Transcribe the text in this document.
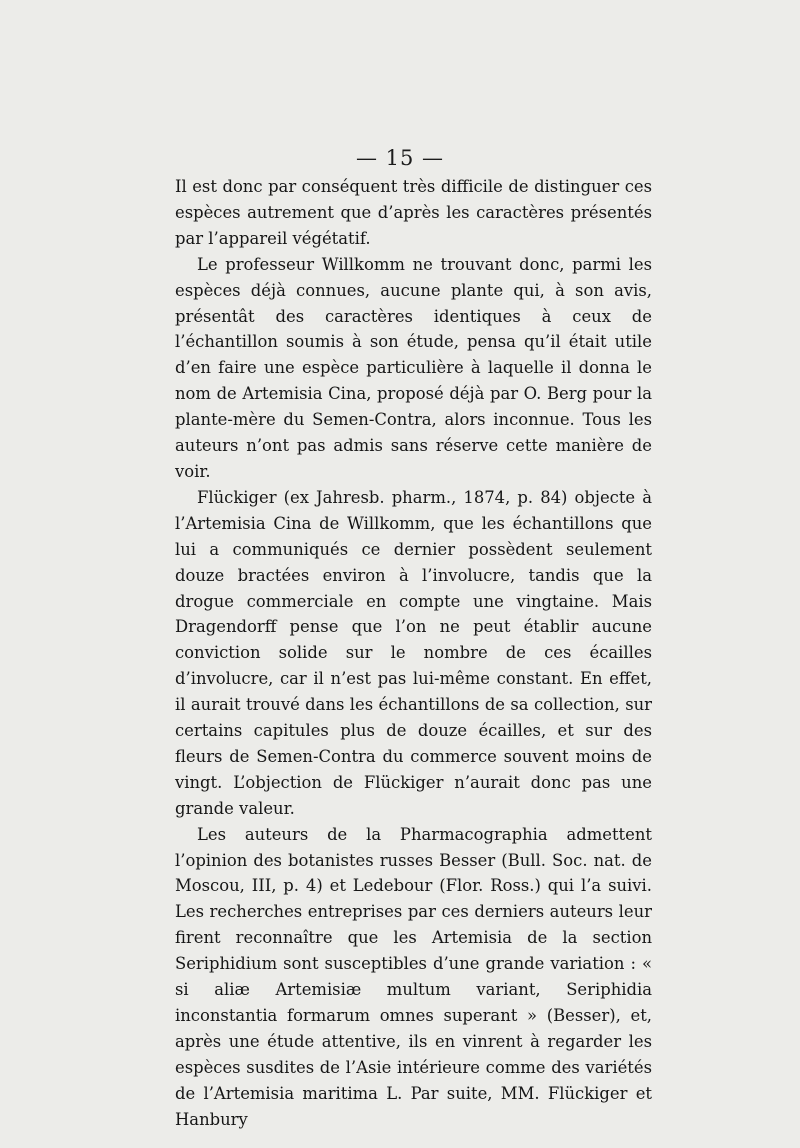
— 15 —

Il est donc par conséquent très difficile de distinguer ces espèces autrement que d’après les caractères présentés par l’appareil végétatif.

Le professeur Willkomm ne trouvant donc, parmi les espèces déjà connues, aucune plante qui, à son avis, présentât des caractères identiques à ceux de l’échantillon soumis à son étude, pensa qu’il était utile d’en faire une espèce particulière à laquelle il donna le nom de Artemisia Cina, proposé déjà par O. Berg pour la plante-mère du Semen-Contra, alors inconnue. Tous les auteurs n’ont pas admis sans réserve cette manière de voir.

Flückiger (ex Jahresb. pharm., 1874, p. 84) objecte à l’Artemisia Cina de Willkomm, que les échantillons que lui a communiqués ce dernier possèdent seulement douze bractées environ à l’involucre, tandis que la drogue commerciale en compte une vingtaine. Mais Dragendorff pense que l’on ne peut établir aucune conviction solide sur le nombre de ces écailles d’involucre, car il n’est pas lui-même constant. En effet, il aurait trouvé dans les échantillons de sa collection, sur certains capitules plus de douze écailles, et sur des fleurs de Semen-Contra du commerce souvent moins de vingt. L’objection de Flückiger n’aurait donc pas une grande valeur.

Les auteurs de la Pharmacographia admettent l’opinion des botanistes russes Besser (Bull. Soc. nat. de Moscou, III, p. 4) et Ledebour (Flor. Ross.) qui l’a suivi. Les recherches entreprises par ces derniers auteurs leur firent reconnaître que les Artemisia de la section Seriphidium sont susceptibles d’une grande variation : « si aliæ Artemisiæ multum variant, Seriphidia inconstantia formarum omnes superant » (Besser), et, après une étude attentive, ils en vinrent à regarder les espèces susdites de l’Asie intérieure comme des variétés de l’Artemisia maritima L. Par suite, MM. Flückiger et Hanbury
